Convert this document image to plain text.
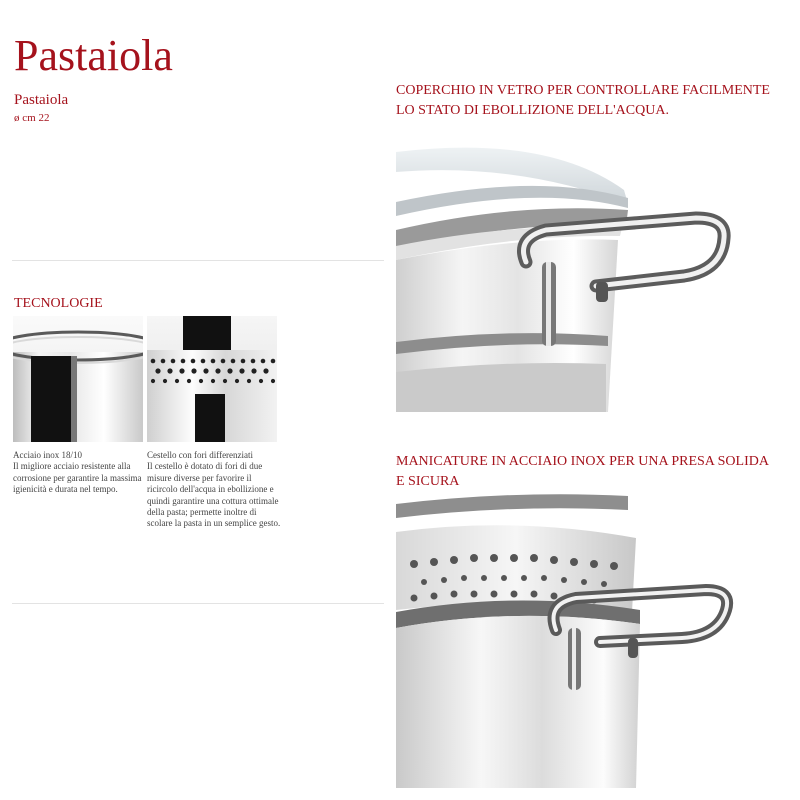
Pastaiola
Pastaiola
ø cm 22
TECNOLOGIE
Acciaio inox 18/10
Il migliore acciaio resistente alla corrosione per garantire la massima igienicità e durata nel tempo.
Cestello con fori differenziati
Il cestello è dotato di fori di due misure diverse per favorire il ricircolo dell'acqua in ebollizione e quindi garantire una cottura ottimale della pasta; permette inoltre di scolare la pasta in un semplice gesto.
COPERCHIO IN VETRO PER CONTROLLARE FACILMENTE LO STATO DI EBOLLIZIONE DELL'ACQUA.
MANICATURE IN ACCIAIO INOX PER UNA PRESA SOLIDA E SICURA
